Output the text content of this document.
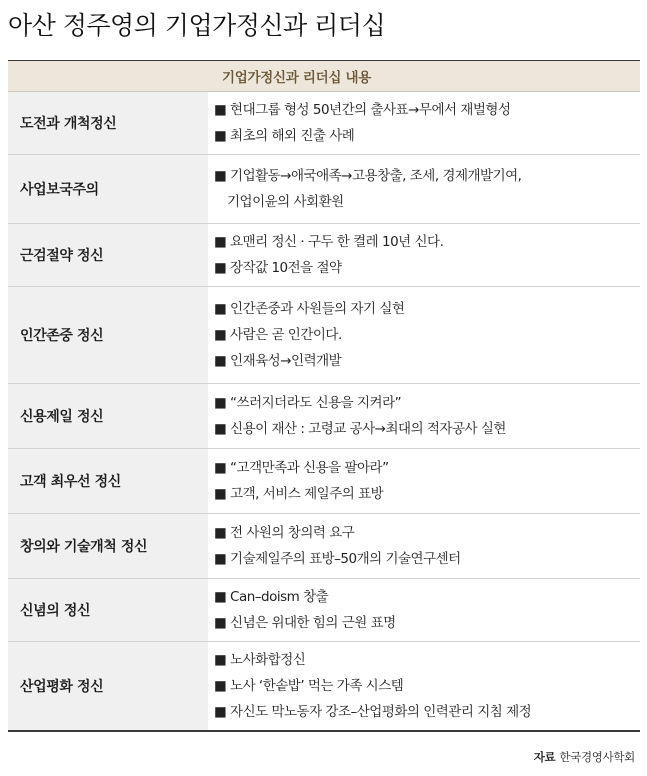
아산 정주영의 기업가정신과 리더십
기업가정신과 리더십 내용
도전과 개척정신
■ 현대그룹 형성 50년간의 출사표→무에서 재벌형성
■ 최초의 해외 진출 사례
사업보국주의
■ 기업활동→애국애족→고용창출, 조세, 경제개발기여,
기업이윤의 사회환원
근검절약 정신
■ 요맨리 정신 · 구두 한 켤레 10년 신다.
■ 장작값 10전을 절약
인간존중 정신
■ 인간존중과 사원들의 자기 실현
■ 사람은 곧 인간이다.
■ 인재육성→인력개발
신용제일 정신
■ “쓰러지더라도 신용을 지켜라”
■ 신용이 재산 : 고령교 공사→최대의 적자공사 실현
고객 최우선 정신
■ “고객만족과 신용을 팔아라”
■ 고객, 서비스 제일주의 표방
창의와 기술개척 정신
■ 전 사원의 창의력 요구
■ 기술제일주의 표방–50개의 기술연구센터
신념의 정신
■ Can–doism 창출
■ 신념은 위대한 힘의 근원 표명
산업평화 정신
■ 노사화합정신
■ 노사 ‘한솥밥’ 먹는 가족 시스템
■ 자신도 막노동자 강조–산업평화의 인력관리 지침 제정
자료 한국경영사학회
